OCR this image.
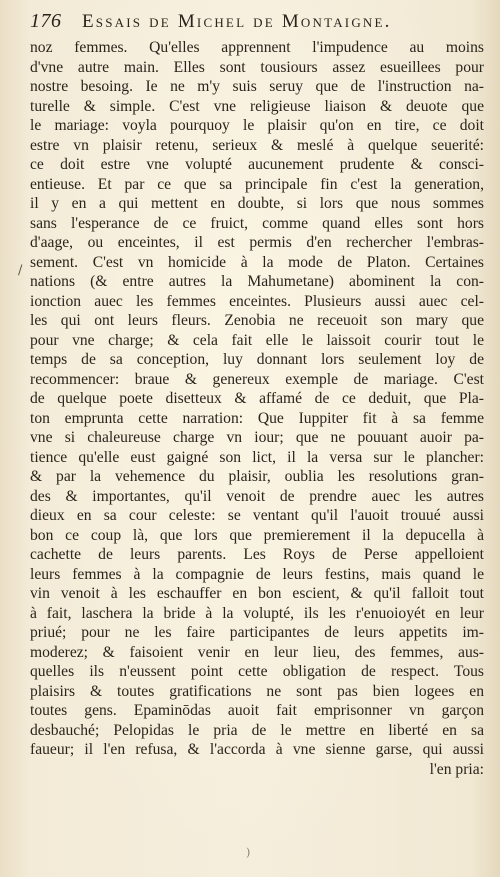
176 Essais de Michel de Montaigne.
/
noz femmes. Qu'elles apprennent l'impudence au moins
d'vne autre main. Elles sont tousiours assez esueillees pour
nostre besoing. Ie ne m'y suis seruy que de l'instruction na-
turelle & simple. C'est vne religieuse liaison & deuote que
le mariage: voyla pourquoy le plaisir qu'on en tire, ce doit
estre vn plaisir retenu, serieux & meslé à quelque seuerité:
ce doit estre vne volupté aucunement prudente & consci-
entieuse. Et par ce que sa principale fin c'est la generation,
il y en a qui mettent en doubte, si lors que nous sommes
sans l'esperance de ce fruict, comme quand elles sont hors
d'aage, ou enceintes, il est permis d'en rechercher l'embras-
sement. C'est vn homicide à la mode de Platon. Certaines
nations (& entre autres la Mahumetane) abominent la con-
ionction auec les femmes enceintes. Plusieurs aussi auec cel-
les qui ont leurs fleurs. Zenobia ne receuoit son mary que
pour vne charge; & cela fait elle le laissoit courir tout le
temps de sa conception, luy donnant lors seulement loy de
recommencer: braue & genereux exemple de mariage. C'est
de quelque poete disetteux & affamé de ce deduit, que Pla-
ton emprunta cette narration: Que Iuppiter fit à sa femme
vne si chaleureuse charge vn iour; que ne pouuant auoir pa-
tience qu'elle eust gaigné son lict, il la versa sur le plancher:
& par la vehemence du plaisir, oublia les resolutions gran-
des & importantes, qu'il venoit de prendre auec les autres
dieux en sa cour celeste: se ventant qu'il l'auoit trouué aussi
bon ce coup là, que lors que premierement il la depucella à
cachette de leurs parents. Les Roys de Perse appelloient
leurs femmes à la compagnie de leurs festins, mais quand le
vin venoit à les eschauffer en bon escient, & qu'il falloit tout
à fait, laschera la bride à la volupté, ils les r'enuoioyét en leur
priué; pour ne les faire participantes de leurs appetits im-
moderez; & faisoient venir en leur lieu, des femmes, aus-
quelles ils n'eussent point cette obligation de respect. Tous
plaisirs & toutes gratifications ne sont pas bien logees en
toutes gens. Epaminōdas auoit fait emprisonner vn garçon
desbauché; Pelopidas le pria de le mettre en liberté en sa
faueur; il l'en refusa, & l'accorda à vne sienne garse, qui aussi
l'en pria:
)
